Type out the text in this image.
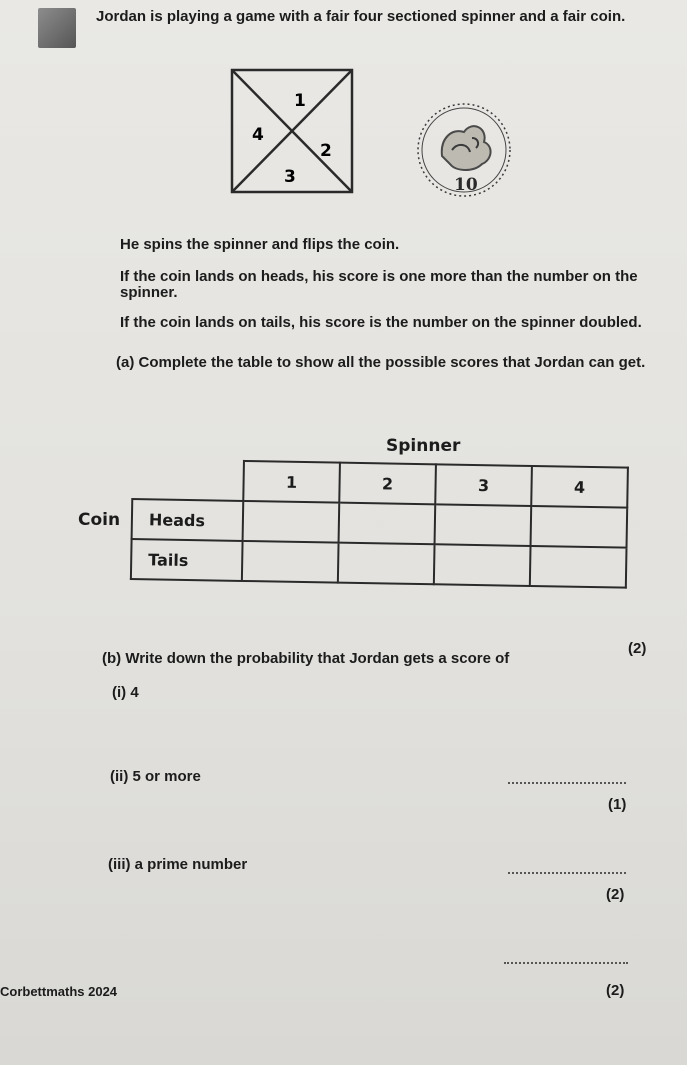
Jordan is playing a game with a fair four sectioned spinner and a fair coin.
1
4
2
3	10
He spins the spinner and flips the coin.
If the coin lands on heads, his score is one more than the number on the
spinner.
If the coin lands on tails, his score is the number on the spinner doubled.
(a) Complete the table to show all the possible scores that Jordan can get.
Spinner
Coin
	1	2	3	4
Heads				
Tails				
(2)
(b) Write down the probability that Jordan gets a score of
(i) 4
(1)
(ii) 5 or more
(2)
(iii) a prime number
(2)
Corbettmaths 2024
